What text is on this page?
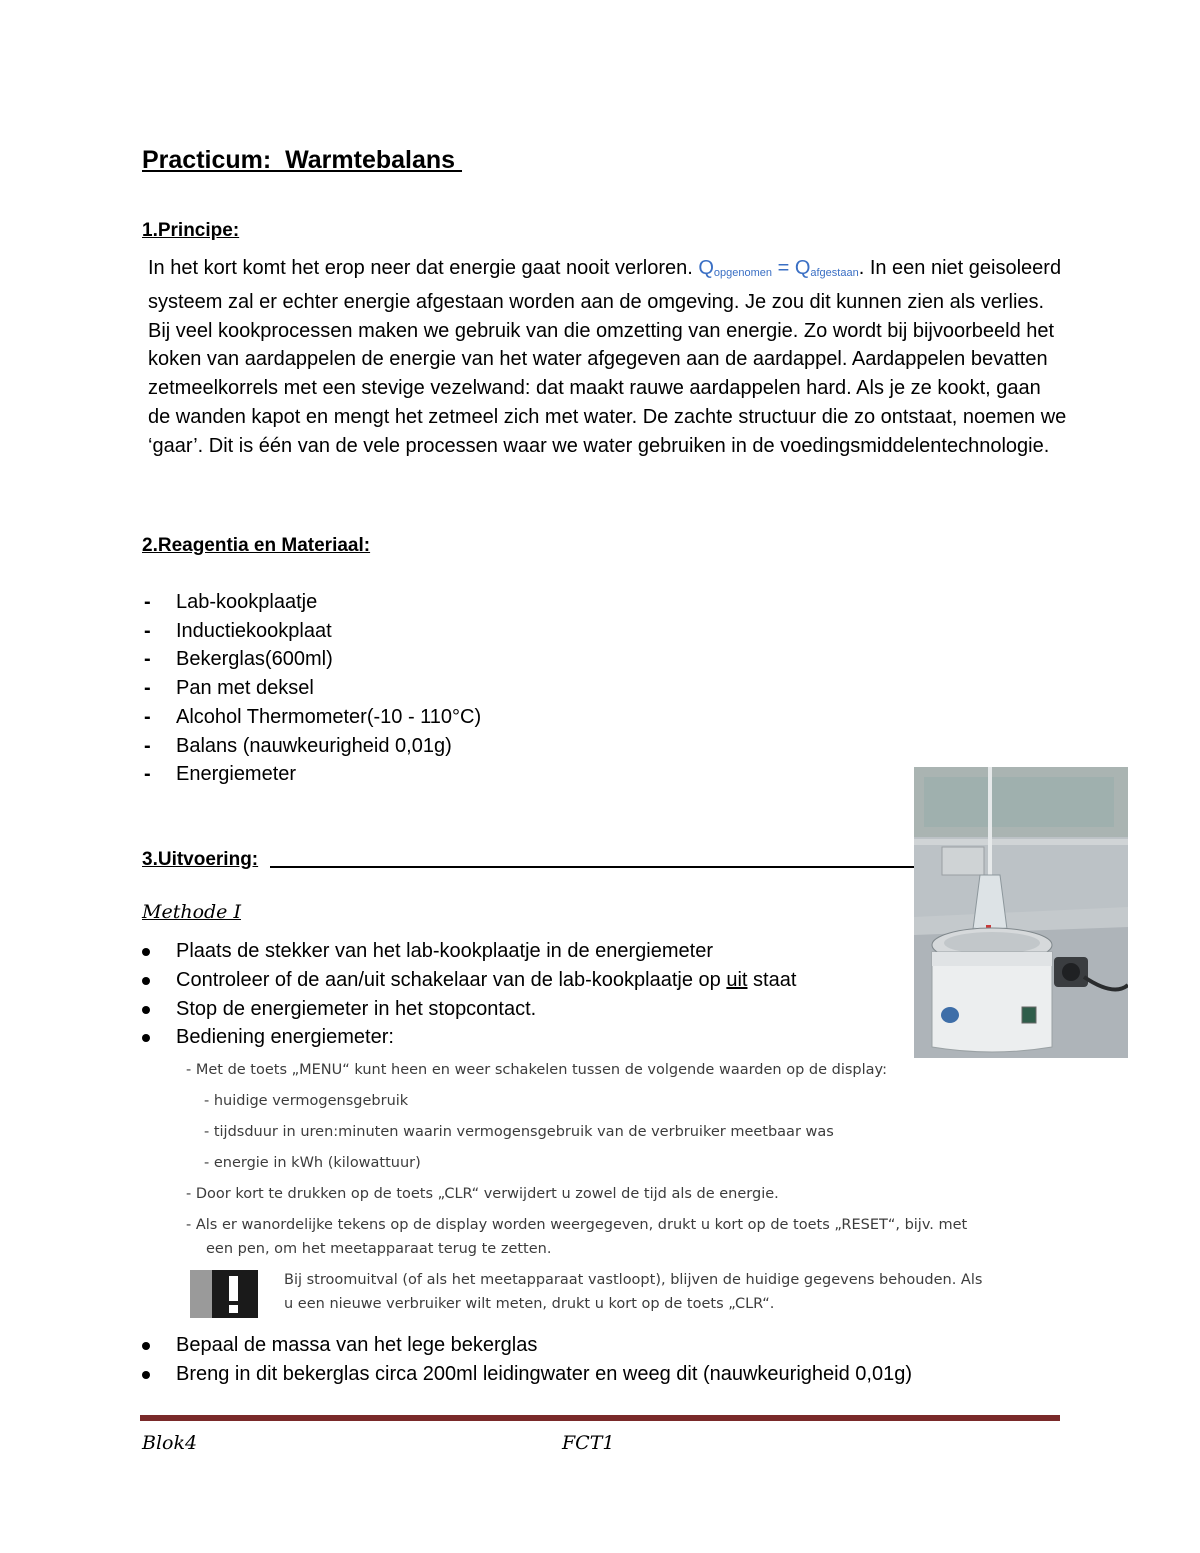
Practicum:  Warmtebalans
1.Principe:

In het kort komt het erop neer dat energie gaat nooit verloren. $Q_{opgenomen} = Q_{afgestaan}$. In een niet geisoleerd systeem zal er echter energie afgestaan worden aan de omgeving. Je zou dit kunnen zien als verlies. Bij veel kookprocessen maken we gebruik van die omzetting van energie. Zo wordt bij bijvoorbeeld het koken van aardappelen de energie van het water afgegeven aan de aardappel. Aardappelen bevatten zetmeelkorrels met een stevige vezelwand: dat maakt rauwe aardappelen hard. Als je ze kookt, gaan de wanden kapot en mengt het zetmeel zich met water. De zachte structuur die zo ontstaat, noemen we ‘gaar’. Dit is één van de vele processen waar we water gebruiken in de voedingsmiddelentechnologie.

2.Reagentia en Materiaal:
- Lab-kookplaatje
- Inductiekookplaat
- Bekerglas(600ml)
- Pan met deksel
- Alcohol Thermometer(-10 - 110°C)
- Balans (nauwkeurigheid 0,01g)
- Energiemeter
3.Uitvoering:

Methode I

Plaats de stekker van het lab-kookplaatje in de energiemeter
Controleer of de aan/uit schakelaar van de lab-kookplaatje op uit staat
Stop de energiemeter in het stopcontact.
Bediening energiemeter:
- Met de toets „MENU“ kunt heen en weer schakelen tussen de volgende waarden op de display:
- huidige vermogensgebruik
- tijdsduur in uren:minuten waarin vermogensgebruik van de verbruiker meetbaar was
- energie in kWh (kilowattuur)
- Door kort te drukken op de toets „CLR“ verwijdert u zowel de tijd als de energie.
- Als er wanordelijke tekens op de display worden weergegeven, drukt u kort op de toets „RESET“, bijv. met
een pen, om het meetapparaat terug te zetten.
Bij stroomuitval (of als het meetapparaat vastloopt), blijven de huidige gegevens behouden. Als
u een nieuwe verbruiker wilt meten, drukt u kort op de toets „CLR“.
Bepaal de massa van het lege bekerglas
Breng in dit bekerglas circa 200ml leidingwater en weeg dit (nauwkeurigheid 0,01g)

Blok4	FCT1
